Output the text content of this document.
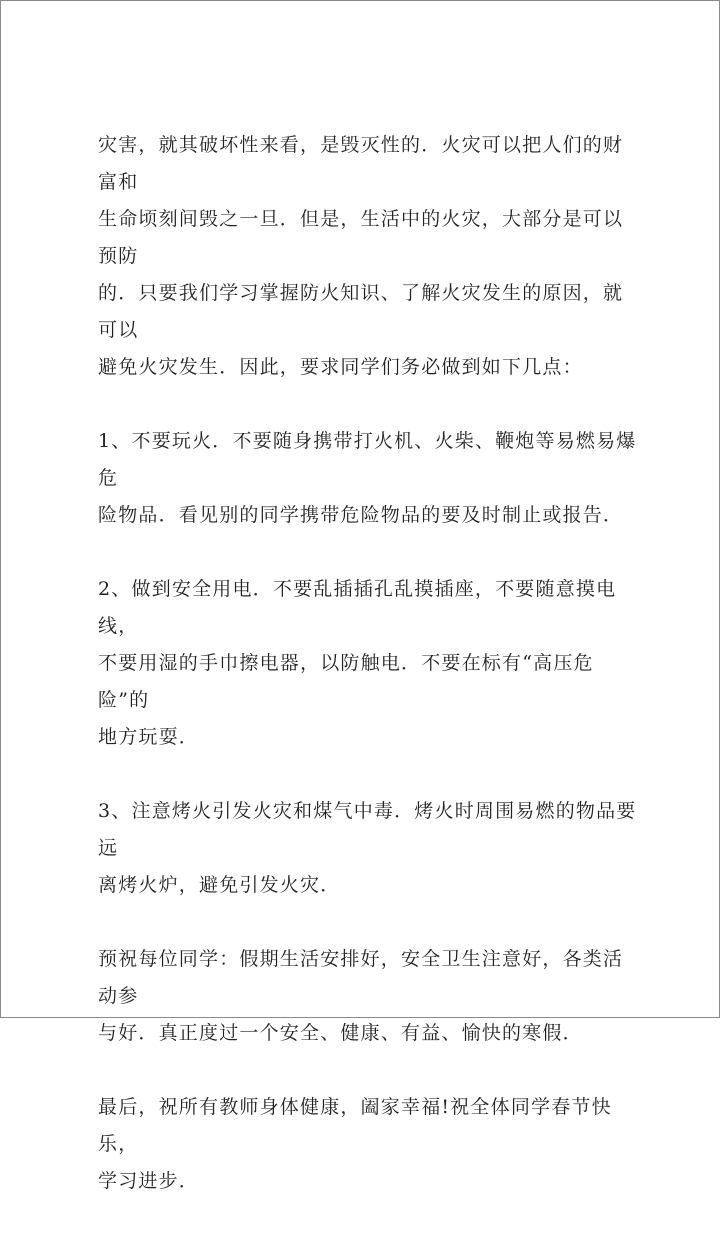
灾害，就其破坏性来看，是毁灭性的．火灾可以把人们的财富和
生命顷刻间毁之一旦．但是，生活中的火灾，大部分是可以预防
的．只要我们学习掌握防火知识、了解火灾发生的原因，就可以
避免火灾发生．因此，要求同学们务必做到如下几点：

1、不要玩火．不要随身携带打火机、火柴、鞭炮等易燃易爆危
险物品．看见别的同学携带危险物品的要及时制止或报告．

2、做到安全用电．不要乱插插孔乱摸插座，不要随意摸电线，
不要用湿的手巾擦电器，以防触电．不要在标有“高压危险”的
地方玩耍．

3、注意烤火引发火灾和煤气中毒．烤火时周围易燃的物品要远
离烤火炉，避免引发火灾．

预祝每位同学：假期生活安排好，安全卫生注意好，各类活动参
与好．真正度过一个安全、健康、有益、愉快的寒假．

最后，祝所有教师身体健康，阖家幸福!祝全体同学春节快乐，
学习进步．
